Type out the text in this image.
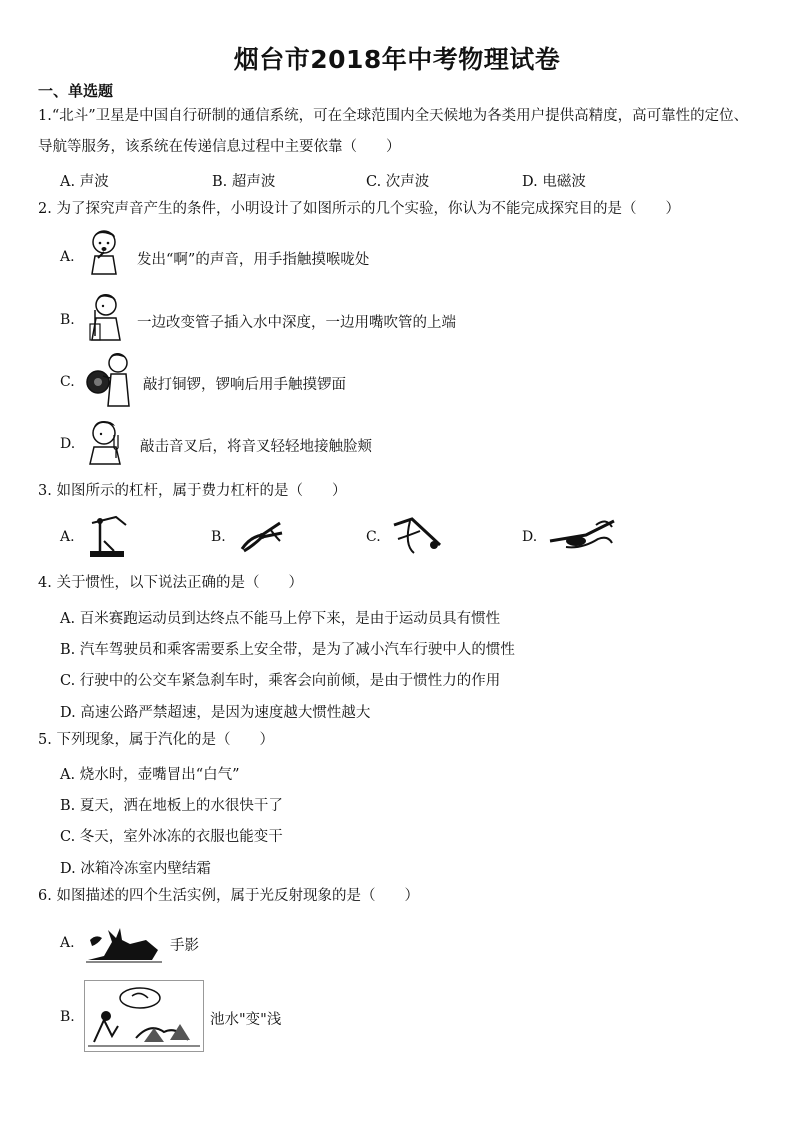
烟台市2018年中考物理试卷
一、单选题
1.“北斗”卫星是中国自行研制的通信系统，可在全球范围内全天候地为各类用户提供高精度，高可靠性的定位、导航等服务，该系统在传递信息过程中主要依靠（　　）
A. 声波	B. 超声波	C. 次声波	D. 电磁波
2. 为了探究声音产生的条件，小明设计了如图所示的几个实验，你认为不能完成探究目的是（　　）
A.	发出“啊”的声音，用手指触摸喉咙处
B.	一边改变管子插入水中深度，一边用嘴吹管的上端
C.	敲打铜锣，锣响后用手触摸锣面
D.	敲击音叉后，将音叉轻轻地接触脸颊
3. 如图所示的杠杆，属于费力杠杆的是（　　）
A.	B.	C.	D.
4. 关于惯性，以下说法正确的是（　　）
A. 百米赛跑运动员到达终点不能马上停下来，是由于运动员具有惯性
B. 汽车驾驶员和乘客需要系上安全带，是为了减小汽车行驶中人的惯性
C. 行驶中的公交车紧急刹车时，乘客会向前倾，是由于惯性力的作用
D. 高速公路严禁超速，是因为速度越大惯性越大
5. 下列现象，属于汽化的是（　　）
A. 烧水时，壶嘴冒出“白气”
B. 夏天，洒在地板上的水很快干了
C. 冬天，室外冰冻的衣服也能变干
D. 冰箱冷冻室内壁结霜
6. 如图描述的四个生活实例，属于光反射现象的是（　　）
A.	手影
B.	池水"变"浅
